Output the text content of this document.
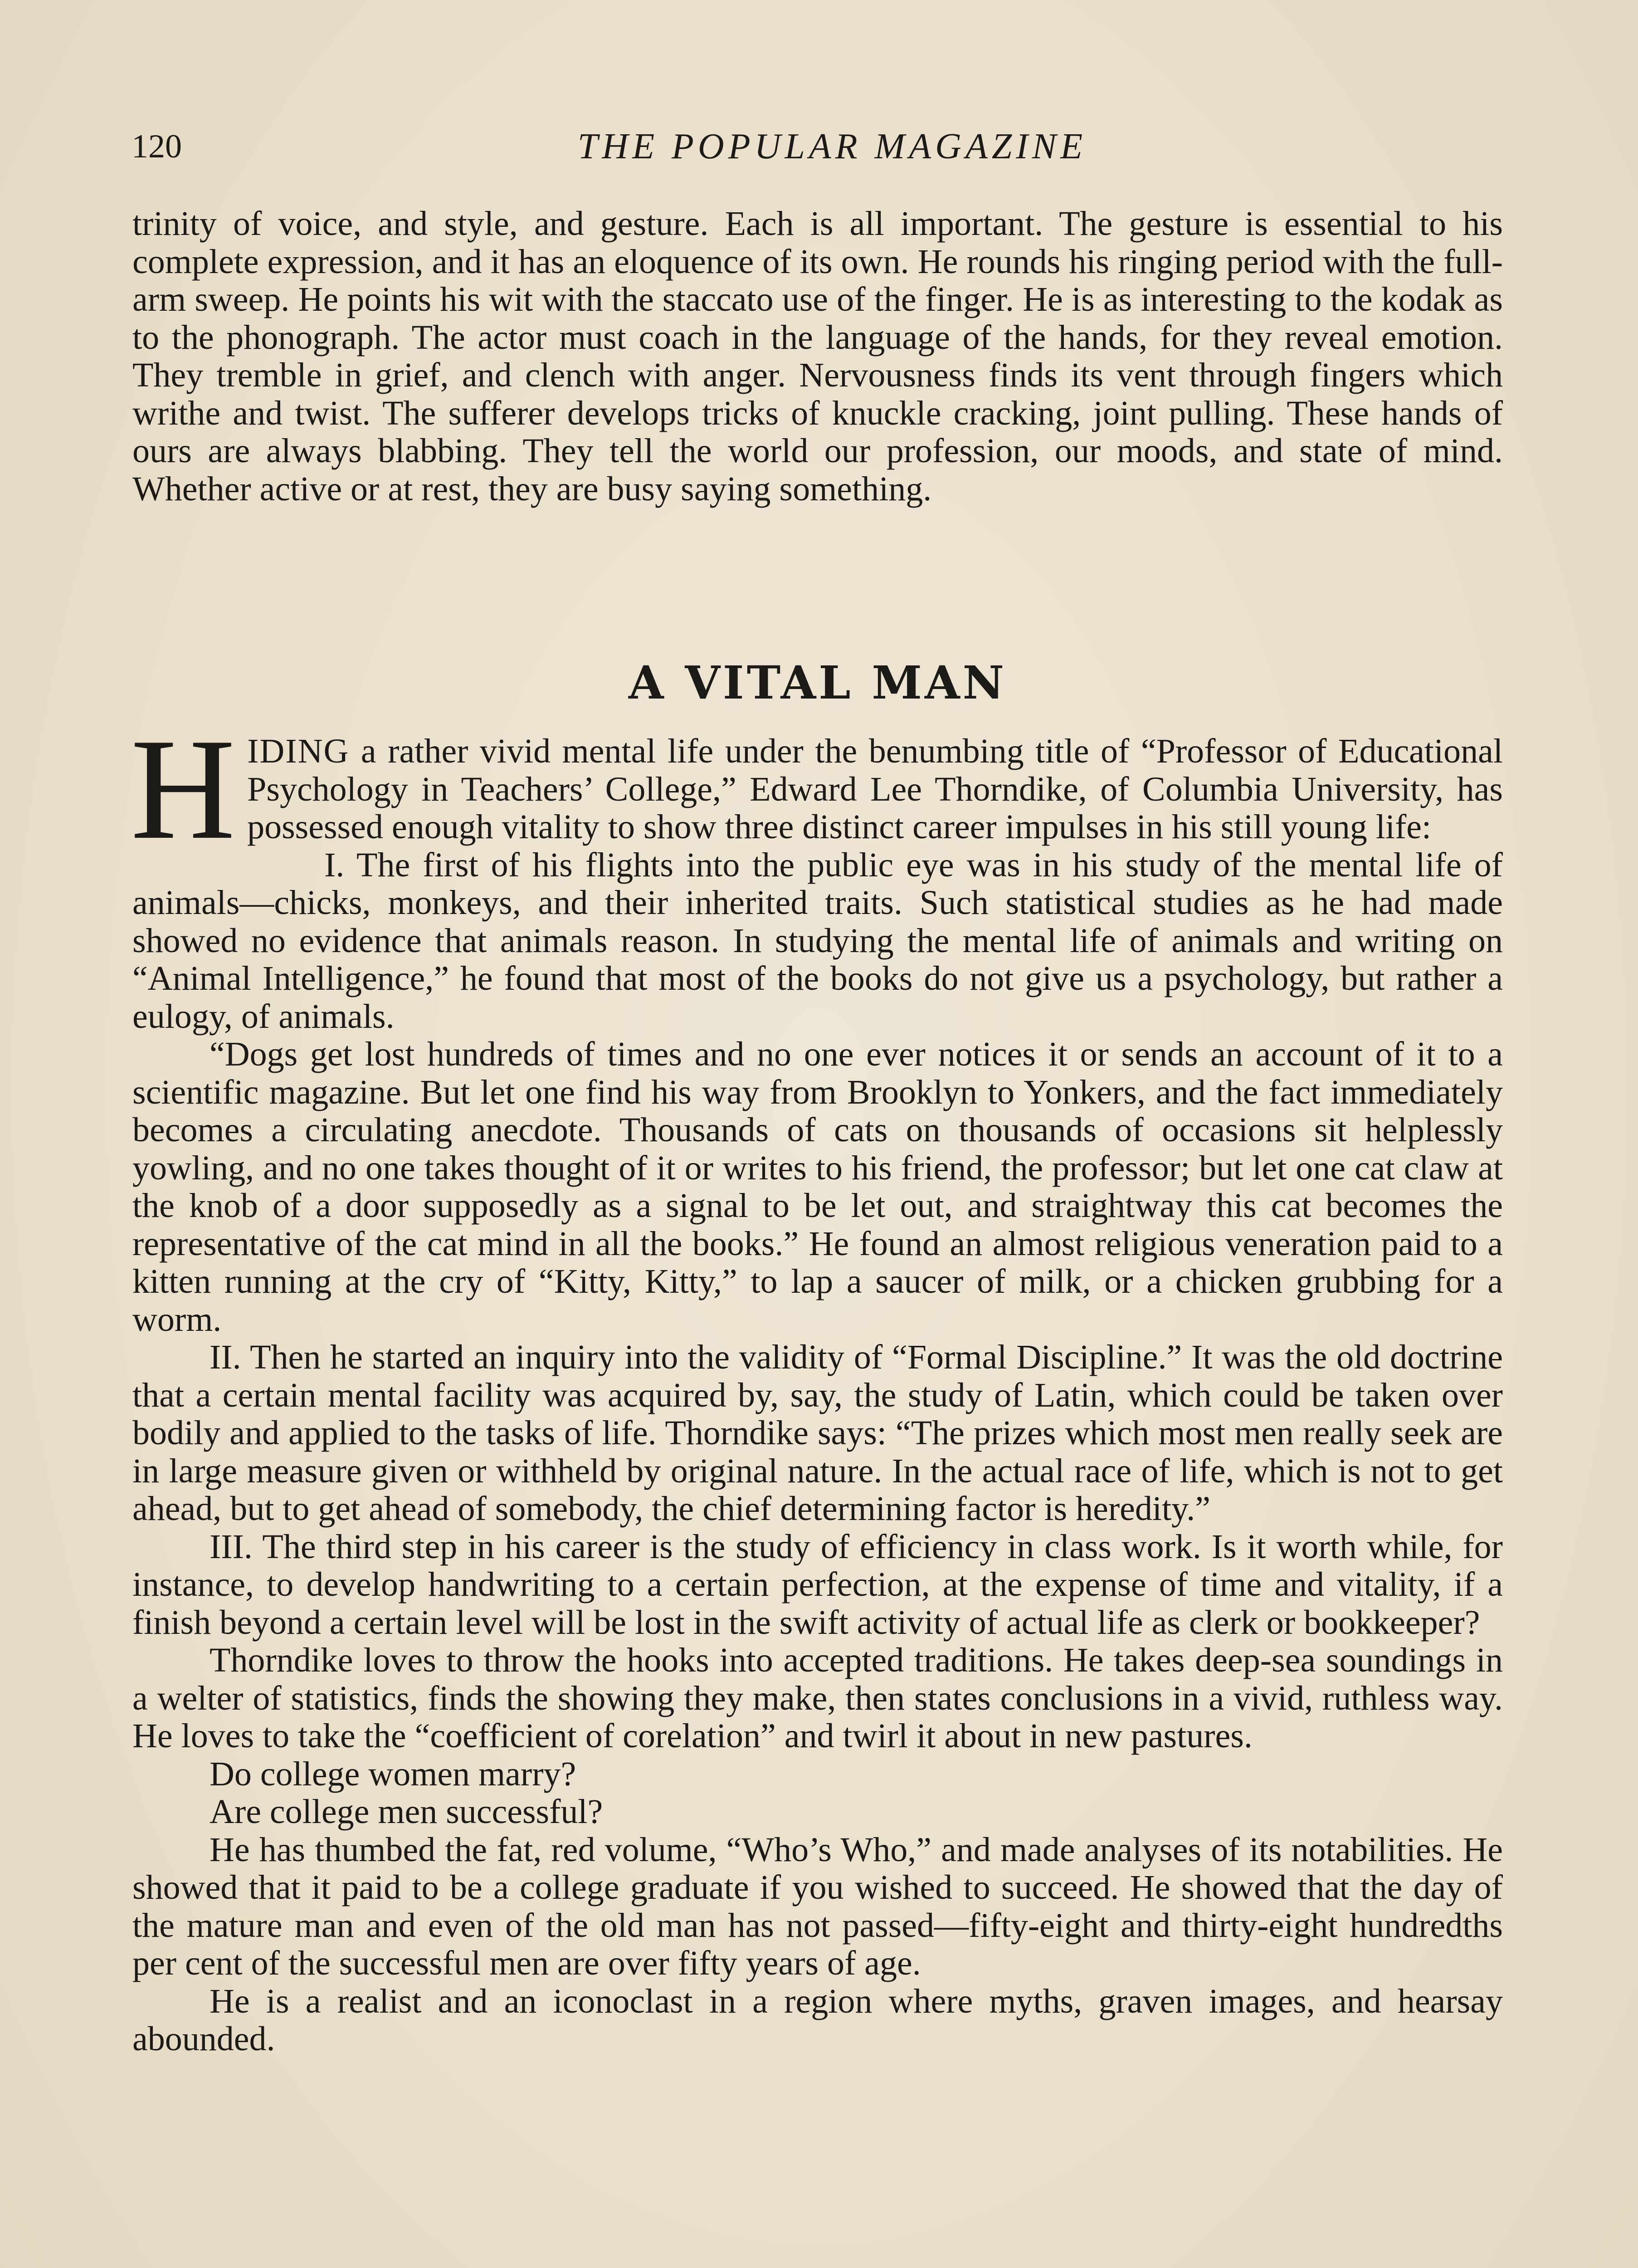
120	THE POPULAR MAGAZINE

trinity of voice, and style, and gesture. Each is all important. The gesture is essential to his complete expression, and it has an eloquence of its own. He rounds his ringing period with the full-arm sweep. He points his wit with the staccato use of the finger. He is as interesting to the kodak as to the phonograph. The actor must coach in the language of the hands, for they reveal emotion. They tremble in grief, and clench with anger. Nervousness finds its vent through fingers which writhe and twist. The sufferer develops tricks of knuckle cracking, joint pulling. These hands of ours are always blabbing. They tell the world our profession, our moods, and state of mind. Whether active or at rest, they are busy saying something.

A VITAL MAN

HIDING a rather vivid mental life under the benumbing title of “Professor of Educational Psychology in Teachers’ College,” Edward Lee Thorndike, of Columbia University, has possessed enough vitality to show three distinct career impulses in his still young life:

I. The first of his flights into the public eye was in his study of the mental life of animals—chicks, monkeys, and their inherited traits. Such statistical studies as he had made showed no evidence that animals reason. In studying the mental life of animals and writing on “Animal Intelligence,” he found that most of the books do not give us a psychology, but rather a eulogy, of animals.

“Dogs get lost hundreds of times and no one ever notices it or sends an account of it to a scientific magazine. But let one find his way from Brooklyn to Yonkers, and the fact immediately becomes a circulating anecdote. Thousands of cats on thousands of occasions sit helplessly yowling, and no one takes thought of it or writes to his friend, the professor; but let one cat claw at the knob of a door supposedly as a signal to be let out, and straightway this cat becomes the representative of the cat mind in all the books.” He found an almost religious veneration paid to a kitten running at the cry of “Kitty, Kitty,” to lap a saucer of milk, or a chicken grubbing for a worm.

II. Then he started an inquiry into the validity of “Formal Discipline.” It was the old doctrine that a certain mental facility was acquired by, say, the study of Latin, which could be taken over bodily and applied to the tasks of life. Thorndike says: “The prizes which most men really seek are in large measure given or withheld by original nature. In the actual race of life, which is not to get ahead, but to get ahead of somebody, the chief determining factor is heredity.”

III. The third step in his career is the study of efficiency in class work. Is it worth while, for instance, to develop handwriting to a certain perfection, at the expense of time and vitality, if a finish beyond a certain level will be lost in the swift activity of actual life as clerk or bookkeeper?

Thorndike loves to throw the hooks into accepted traditions. He takes deep-sea soundings in a welter of statistics, finds the showing they make, then states conclusions in a vivid, ruthless way. He loves to take the “coefficient of corelation” and twirl it about in new pastures.

Do college women marry?

Are college men successful?

He has thumbed the fat, red volume, “Who’s Who,” and made analyses of its notabilities. He showed that it paid to be a college graduate if you wished to succeed. He showed that the day of the mature man and even of the old man has not passed—fifty-eight and thirty-eight hundredths per cent of the successful men are over fifty years of age.

He is a realist and an iconoclast in a region where myths, graven images, and hearsay abounded.
